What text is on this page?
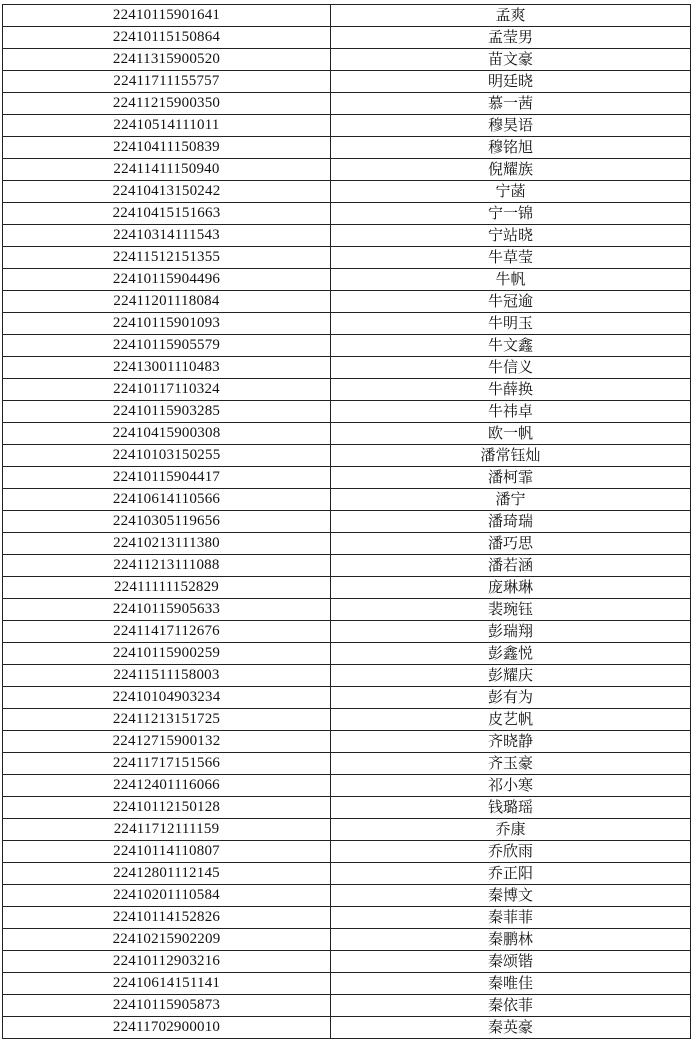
22410115901641	孟爽
22410115150864	孟莹男
22411315900520	苗文豪
22411711155757	明廷晓
22411215900350	慕一茜
22410514111011	穆昊语
22410411150839	穆铭旭
22411411150940	倪耀族
22410413150242	宁菡
22410415151663	宁一锦
22410314111543	宁站晓
22411512151355	牛草莹
22410115904496	牛帆
22411201118084	牛冠逾
22410115901093	牛明玉
22410115905579	牛文鑫
22413001110483	牛信义
22410117110324	牛薛换
22410115903285	牛祎卓
22410415900308	欧一帆
22410103150255	潘常钰灿
22410115904417	潘柯霏
22410614110566	潘宁
22410305119656	潘琦瑞
22410213111380	潘巧思
22411213111088	潘若涵
22411111152829	庞琳琳
22410115905633	裴琬钰
22411417112676	彭瑞翔
22410115900259	彭鑫悦
22411511158003	彭耀庆
22410104903234	彭有为
22411213151725	皮艺帆
22412715900132	齐晓静
22411717151566	齐玉豪
22412401116066	祁小寒
22410112150128	钱璐瑶
22411712111159	乔康
22410114110807	乔欣雨
22412801112145	乔正阳
22410201110584	秦博文
22410114152826	秦菲菲
22410215902209	秦鹏林
22410112903216	秦颂锴
22410614151141	秦唯佳
22410115905873	秦依菲
22411702900010	秦英豪
